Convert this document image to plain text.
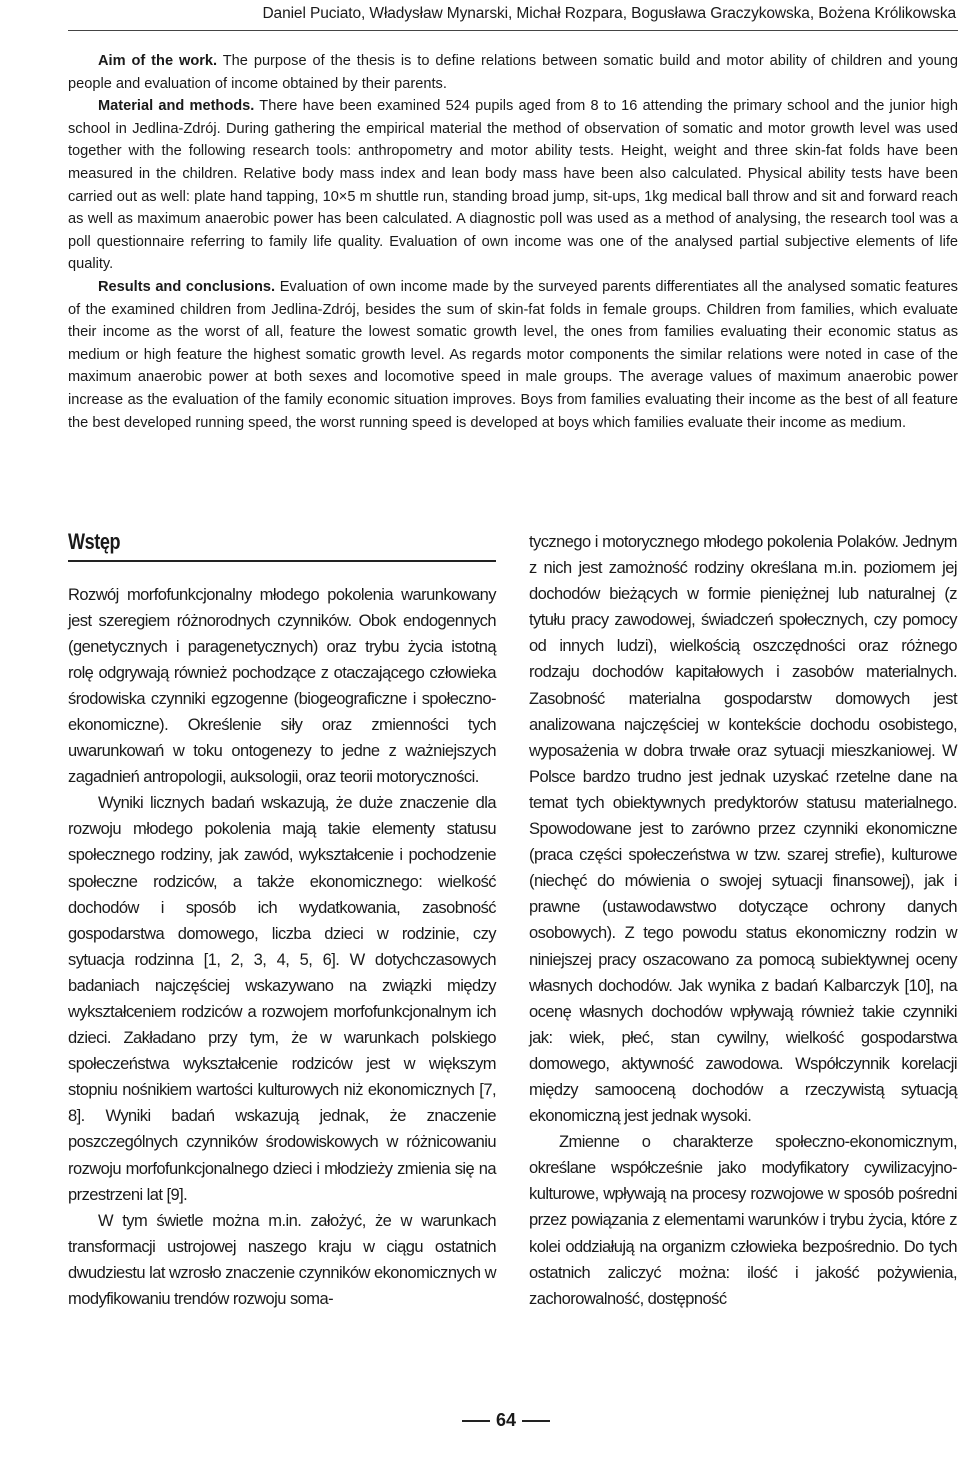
Daniel Puciato, Władysław Mynarski, Michał Rozpara, Bogusława Graczykowska, Bożena Królikowska

Aim of the work. The purpose of the thesis is to define relations between somatic build and motor ability of children and young people and evaluation of income obtained by their parents.

Material and methods. There have been examined 524 pupils aged from 8 to 16 attending the primary school and the junior high school in Jedlina-Zdrój. During gathering the empirical material the method of observation of somatic and motor growth level was used together with the following research tools: anthropometry and motor ability tests. Height, weight and three skin-fat folds have been measured in the children. Relative body mass index and lean body mass have been also calculated. Physical ability tests have been carried out as well: plate hand tapping, 10×5 m shuttle run, standing broad jump, sit-ups, 1kg medical ball throw and sit and forward reach as well as maximum anaerobic power has been calculated. A diagnostic poll was used as a method of analysing, the research tool was a poll questionnaire referring to family life quality. Evaluation of own income was one of the analysed partial subjective elements of life quality.

Results and conclusions. Evaluation of own income made by the surveyed parents differentiates all the analysed somatic features of the examined children from Jedlina-Zdrój, besides the sum of skin-fat folds in female groups. Children from families, which evaluate their income as the worst of all, feature the lowest somatic growth level, the ones from families evaluating their economic status as medium or high feature the highest somatic growth level. As regards motor components the similar relations were noted in case of the maximum anaerobic power at both sexes and locomotive speed in male groups. The average values of maximum anaerobic power increase as the evaluation of the family economic situation improves. Boys from families evaluating their income as the best of all feature the best developed running speed, the worst running speed is developed at boys which families evaluate their income as medium.

Wstęp

Rozwój morfofunkcjonalny młodego pokolenia warunkowany jest szeregiem różnorodnych czynników. Obok endogennych (genetycznych i paragenetycznych) oraz trybu życia istotną rolę odgrywają również pochodzące z otaczającego człowieka środowiska czynniki egzogenne (biogeograficzne i społeczno-ekonomiczne). Określenie siły oraz zmienności tych uwarunkowań w toku ontogenezy to jedne z ważniejszych zagadnień antropologii, auksologii, oraz teorii motoryczności.

Wyniki licznych badań wskazują, że duże znaczenie dla rozwoju młodego pokolenia mają takie elementy statusu społecznego rodziny, jak zawód, wykształcenie i pochodzenie społeczne rodziców, a także ekonomicznego: wielkość dochodów i sposób ich wydatkowania, zasobność gospodarstwa domowego, liczba dzieci w rodzinie, czy sytuacja rodzinna [1, 2, 3, 4, 5, 6]. W dotychczasowych badaniach najczęściej wskazywano na związki między wykształceniem rodziców a rozwojem morfofunkcjonalnym ich dzieci. Zakładano przy tym, że w warunkach polskiego społeczeństwa wykształcenie rodziców jest w większym stopniu nośnikiem wartości kulturowych niż ekonomicznych [7, 8]. Wyniki badań wskazują jednak, że znaczenie poszczególnych czynników środowiskowych w różnicowaniu rozwoju morfofunkcjonalnego dzieci i młodzieży zmienia się na przestrzeni lat [9].

W tym świetle można m.in. założyć, że w warunkach transformacji ustrojowej naszego kraju w ciągu ostatnich dwudziestu lat wzrosło znaczenie czynników ekonomicznych w modyfikowaniu trendów rozwoju soma-

tycznego i motorycznego młodego pokolenia Polaków. Jednym z nich jest zamożność rodziny określana m.in. poziomem jej dochodów bieżących w formie pieniężnej lub naturalnej (z tytułu pracy zawodowej, świadczeń społecznych, czy pomocy od innych ludzi), wielkością oszczędności oraz różnego rodzaju dochodów kapitałowych i zasobów materialnych. Zasobność materialna gospodarstw domowych jest analizowana najczęściej w kontekście dochodu osobistego, wyposażenia w dobra trwałe oraz sytuacji mieszkaniowej. W Polsce bardzo trudno jest jednak uzyskać rzetelne dane na temat tych obiektywnych predyktorów statusu materialnego. Spowodowane jest to zarówno przez czynniki ekonomiczne (praca części społeczeństwa w tzw. szarej strefie), kulturowe (niechęć do mówienia o swojej sytuacji finansowej), jak i prawne (ustawodawstwo dotyczące ochrony danych osobowych). Z tego powodu status ekonomiczny rodzin w niniejszej pracy oszacowano za pomocą subiektywnej oceny własnych dochodów. Jak wynika z badań Kalbarczyk [10], na ocenę własnych dochodów wpływają również takie czynniki jak: wiek, płeć, stan cywilny, wielkość gospodarstwa domowego, aktywność zawodowa. Współczynnik korelacji między samooceną dochodów a rzeczywistą sytuacją ekonomiczną jest jednak wysoki.

Zmienne o charakterze społeczno-ekonomicznym, określane współcześnie jako modyfikatory cywilizacyjno-kulturowe, wpływają na procesy rozwojowe w sposób pośredni przez powiązania z elementami warunków i trybu życia, które z kolei oddziałują na organizm człowieka bezpośrednio. Do tych ostatnich zaliczyć można: ilość i jakość pożywienia, zachorowalność, dostępność

64
